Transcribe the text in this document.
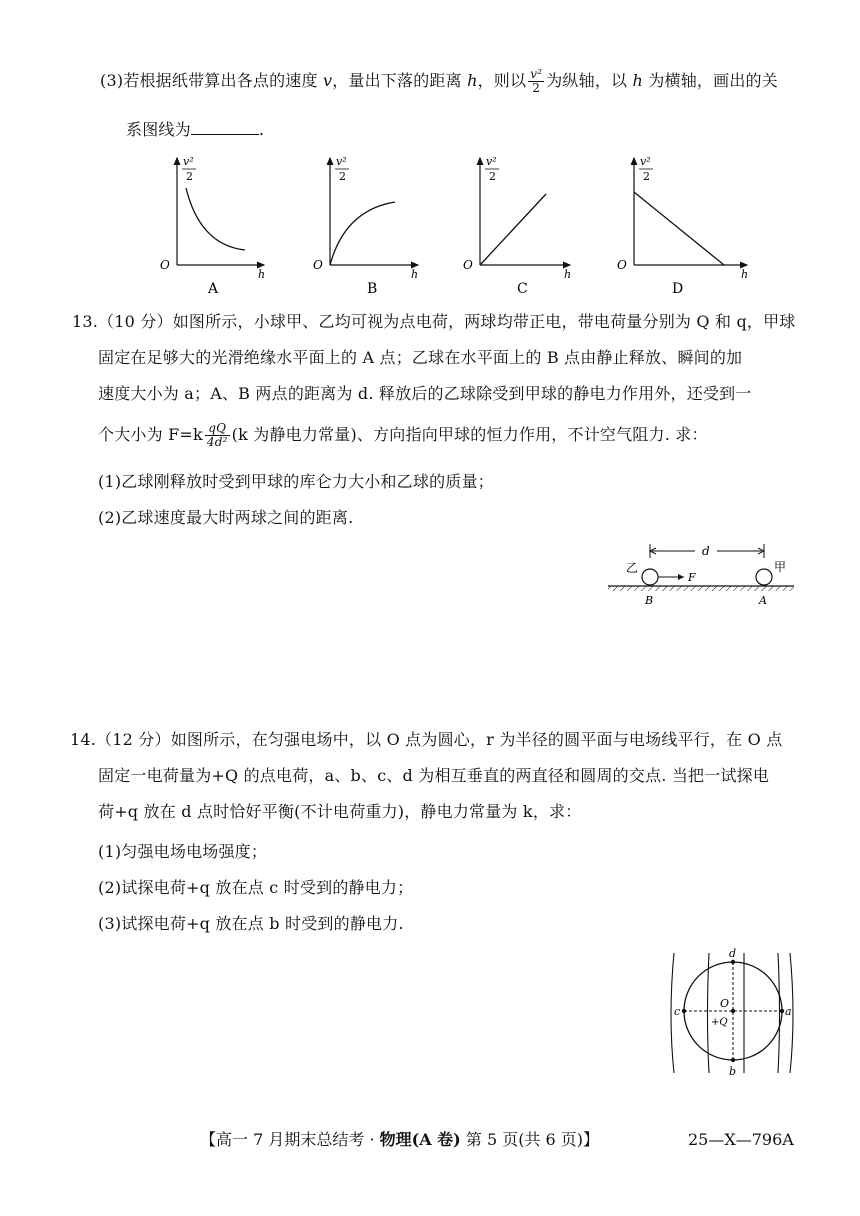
(3)若根据纸带算出各点的速度 v，量出下落的距离 h，则以 $\frac{\text{v²}}{2}$ 为纵轴，以 h 为横轴，画出的关
系图线为	.
v²
2
O
h
A
v²
2
O
h
B
v²
2
O
h
C
v²
2
O
h
D
13.（10 分）如图所示，小球甲、乙均可视为点电荷，两球均带正电，带电荷量分别为 Q 和 q，甲球
固定在足够大的光滑绝缘水平面上的 A 点；乙球在水平面上的 B 点由静止释放、瞬间的加
速度大小为 a；A、B 两点的距离为 d. 释放后的乙球除受到甲球的静电力作用外，还受到一
个大小为 $F=k \frac{qQ}{\text{4d²}} (k$ 为静电力常量)、方向指向甲球的恒力作用，不计空气阻力. 求：
(1)乙球刚释放时受到甲球的库仑力大小和乙球的质量；
(2)乙球速度最大时两球之间的距离.
d
F
乙	甲
B	A
14.（12 分）如图所示，在匀强电场中，以 O 点为圆心，r 为半径的圆平面与电场线平行，在 O 点
固定一电荷量为+Q 的点电荷，a、b、c、d 为相互垂直的两直径和圆周的交点. 当把一试探电
荷+q 放在 d 点时恰好平衡(不计电荷重力)，静电力常量为 k，求：
(1)匀强电场电场强度；
(2)试探电荷+q 放在点 c 时受到的静电力；
(3)试探电荷+q 放在点 b 时受到的静电力.
d
b
c	a
O
+Q
【高一 7 月期末总结考 · 物理(A 卷) 第 5 页(共 6 页)】	25—X—796A
